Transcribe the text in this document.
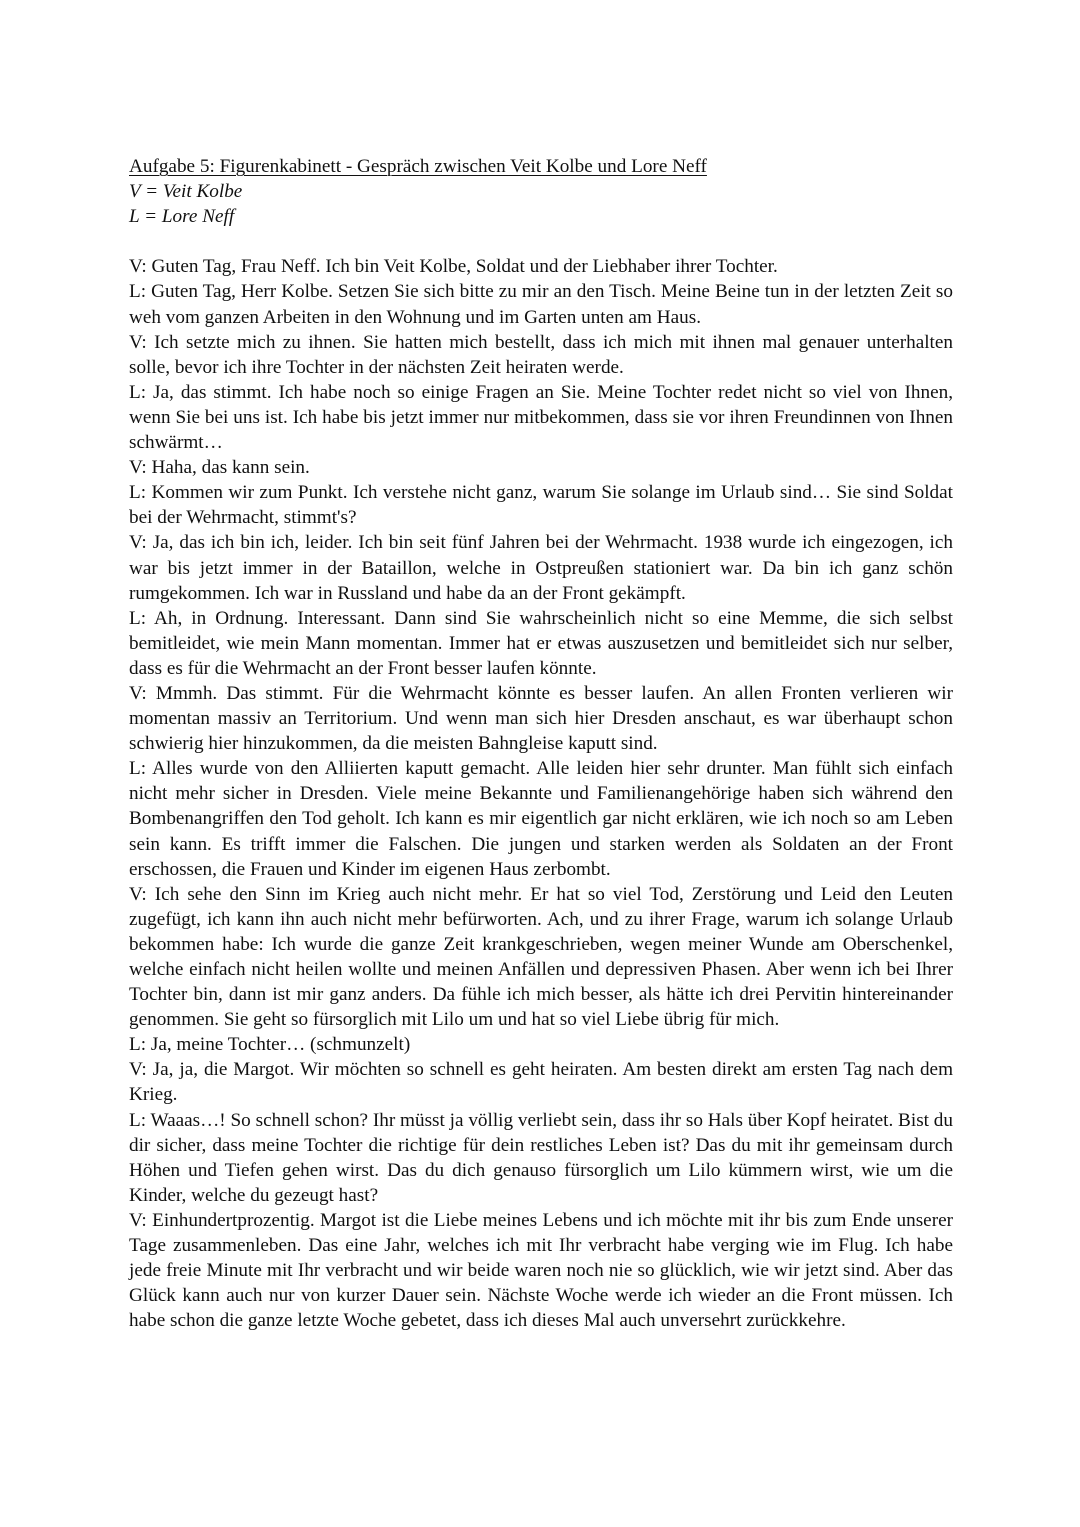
Aufgabe 5: Figurenkabinett - Gespräch zwischen Veit Kolbe und Lore Neff
V = Veit Kolbe
L = Lore Neff

V: Guten Tag, Frau Neff. Ich bin Veit Kolbe, Soldat und der Liebhaber ihrer Tochter.

L: Guten Tag, Herr Kolbe. Setzen Sie sich bitte zu mir an den Tisch. Meine Beine tun in der letzten Zeit so weh vom ganzen Arbeiten in den Wohnung und im Garten unten am Haus.

V: Ich setzte mich zu ihnen. Sie hatten mich bestellt, dass ich mich mit ihnen mal genauer unterhalten solle, bevor ich ihre Tochter in der nächsten Zeit heiraten werde.

L: Ja, das stimmt. Ich habe noch so einige Fragen an Sie. Meine Tochter redet nicht so viel von Ihnen, wenn Sie bei uns ist. Ich habe bis jetzt immer nur mitbekommen, dass sie vor ihren Freundinnen von Ihnen schwärmt…

V: Haha, das kann sein.

L: Kommen wir zum Punkt. Ich verstehe nicht ganz, warum Sie solange im Urlaub sind… Sie sind Soldat bei der Wehrmacht, stimmt's?

V: Ja, das ich bin ich, leider. Ich bin seit fünf Jahren bei der Wehrmacht. 1938 wurde ich eingezogen, ich war bis jetzt immer in der Bataillon, welche in Ostpreußen stationiert war. Da bin ich ganz schön rumgekommen. Ich war in Russland und habe da an der Front gekämpft.

L: Ah, in Ordnung. Interessant. Dann sind Sie wahrscheinlich nicht so eine Memme, die sich selbst bemitleidet, wie mein Mann momentan. Immer hat er etwas auszusetzen und bemitleidet sich nur selber, dass es für die Wehrmacht an der Front besser laufen könnte.

V: Mmmh. Das stimmt. Für die Wehrmacht könnte es besser laufen. An allen Fronten verlieren wir momentan massiv an Territorium. Und wenn man sich hier Dresden anschaut, es war überhaupt schon schwierig hier hinzukommen, da die meisten Bahngleise kaputt sind.

L: Alles wurde von den Alliierten kaputt gemacht. Alle leiden hier sehr drunter. Man fühlt sich einfach nicht mehr sicher in Dresden. Viele meine Bekannte und Familienangehörige haben sich während den Bombenangriffen den Tod geholt. Ich kann es mir eigentlich gar nicht erklären, wie ich noch so am Leben sein kann. Es trifft immer die Falschen. Die jungen und starken werden als Soldaten an der Front erschossen, die Frauen und Kinder im eigenen Haus zerbombt.

V: Ich sehe den Sinn im Krieg auch nicht mehr. Er hat so viel Tod, Zerstörung und Leid den Leuten zugefügt, ich kann ihn auch nicht mehr befürworten. Ach, und zu ihrer Frage, warum ich solange Urlaub bekommen habe: Ich wurde die ganze Zeit krankgeschrieben, wegen meiner Wunde am Oberschenkel, welche einfach nicht heilen wollte und meinen Anfällen und depressiven Phasen. Aber wenn ich bei Ihrer Tochter bin, dann ist mir ganz anders. Da fühle ich mich besser, als hätte ich drei Pervitin hintereinander genommen. Sie geht so fürsorglich mit Lilo um und hat so viel Liebe übrig für mich.

L: Ja, meine Tochter… (schmunzelt)

V: Ja, ja, die Margot. Wir möchten so schnell es geht heiraten. Am besten direkt am ersten Tag nach dem Krieg.

L: Waaas…! So schnell schon? Ihr müsst ja völlig verliebt sein, dass ihr so Hals über Kopf heiratet. Bist du dir sicher, dass meine Tochter die richtige für dein restliches Leben ist? Das du mit ihr gemeinsam durch Höhen und Tiefen gehen wirst. Das du dich genauso fürsorglich um Lilo kümmern wirst, wie um die Kinder, welche du gezeugt hast?

V: Einhundertprozentig. Margot ist die Liebe meines Lebens und ich möchte mit ihr bis zum Ende unserer Tage zusammenleben. Das eine Jahr, welches ich mit Ihr verbracht habe verging wie im Flug. Ich habe jede freie Minute mit Ihr verbracht und wir beide waren noch nie so glücklich, wie wir jetzt sind. Aber das Glück kann auch nur von kurzer Dauer sein. Nächste Woche werde ich wieder an die Front müssen. Ich habe schon die ganze letzte Woche gebetet, dass ich dieses Mal auch unversehrt zurückkehre.
